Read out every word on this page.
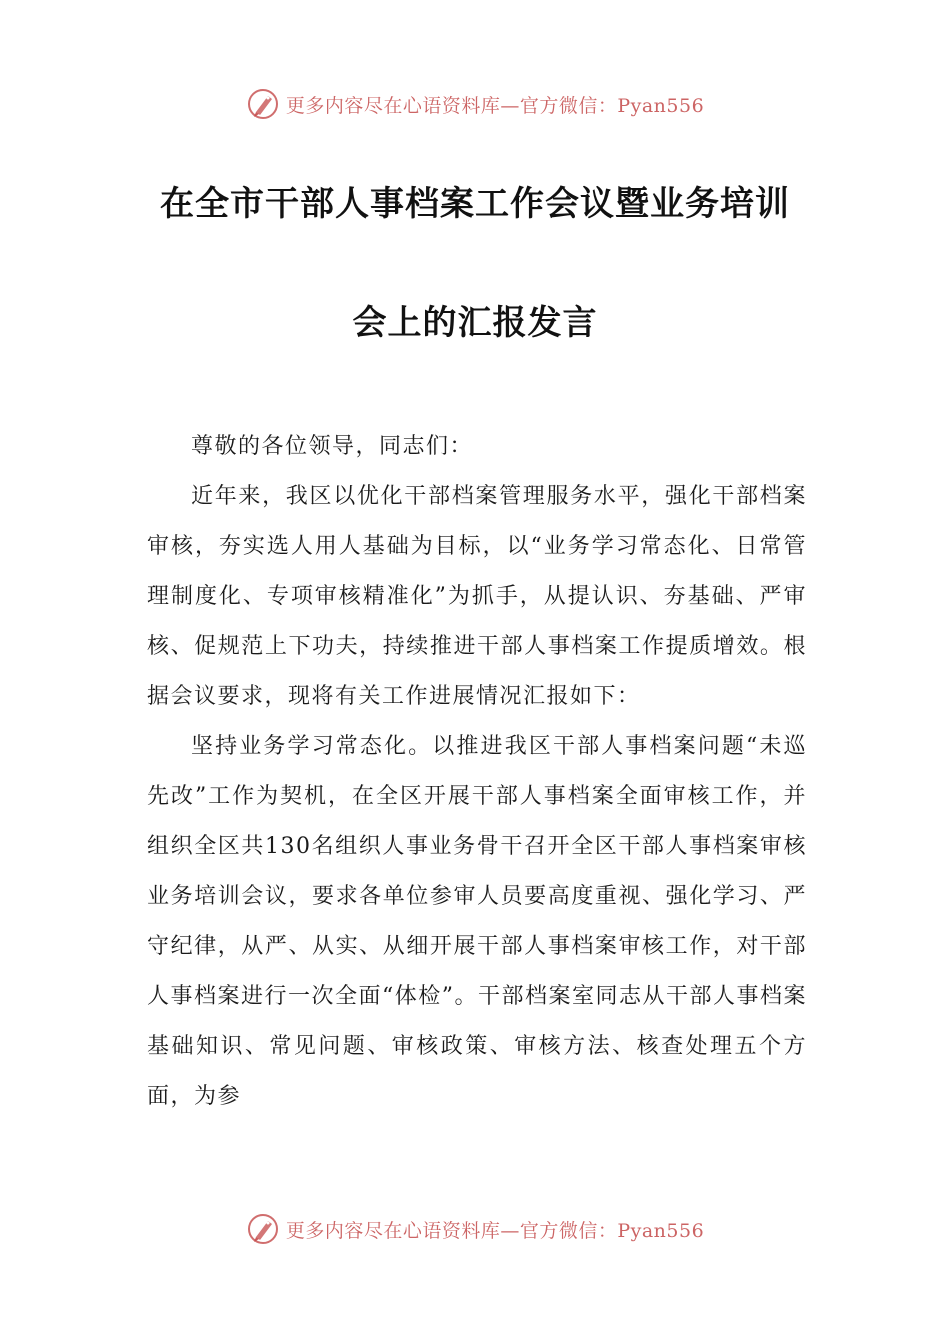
更多内容尽在心语资料库—官方微信：Pyan556
在全市干部人事档案工作会议暨业务培训
会上的汇报发言

尊敬的各位领导，同志们：

近年来，我区以优化干部档案管理服务水平，强化干部档案审核，夯实选人用人基础为目标，以“业务学习常态化、日常管理制度化、专项审核精准化”为抓手，从提认识、夯基础、严审核、促规范上下功夫，持续推进干部人事档案工作提质增效。根据会议要求，现将有关工作进展情况汇报如下：

坚持业务学习常态化。以推进我区干部人事档案问题“未巡先改”工作为契机，在全区开展干部人事档案全面审核工作，并组织全区共130名组织人事业务骨干召开全区干部人事档案审核业务培训会议，要求各单位参审人员要高度重视、强化学习、严守纪律，从严、从实、从细开展干部人事档案审核工作，对干部人事档案进行一次全面“体检”。干部档案室同志从干部人事档案基础知识、常见问题、审核政策、审核方法、核查处理五个方面，为参

更多内容尽在心语资料库—官方微信：Pyan556
